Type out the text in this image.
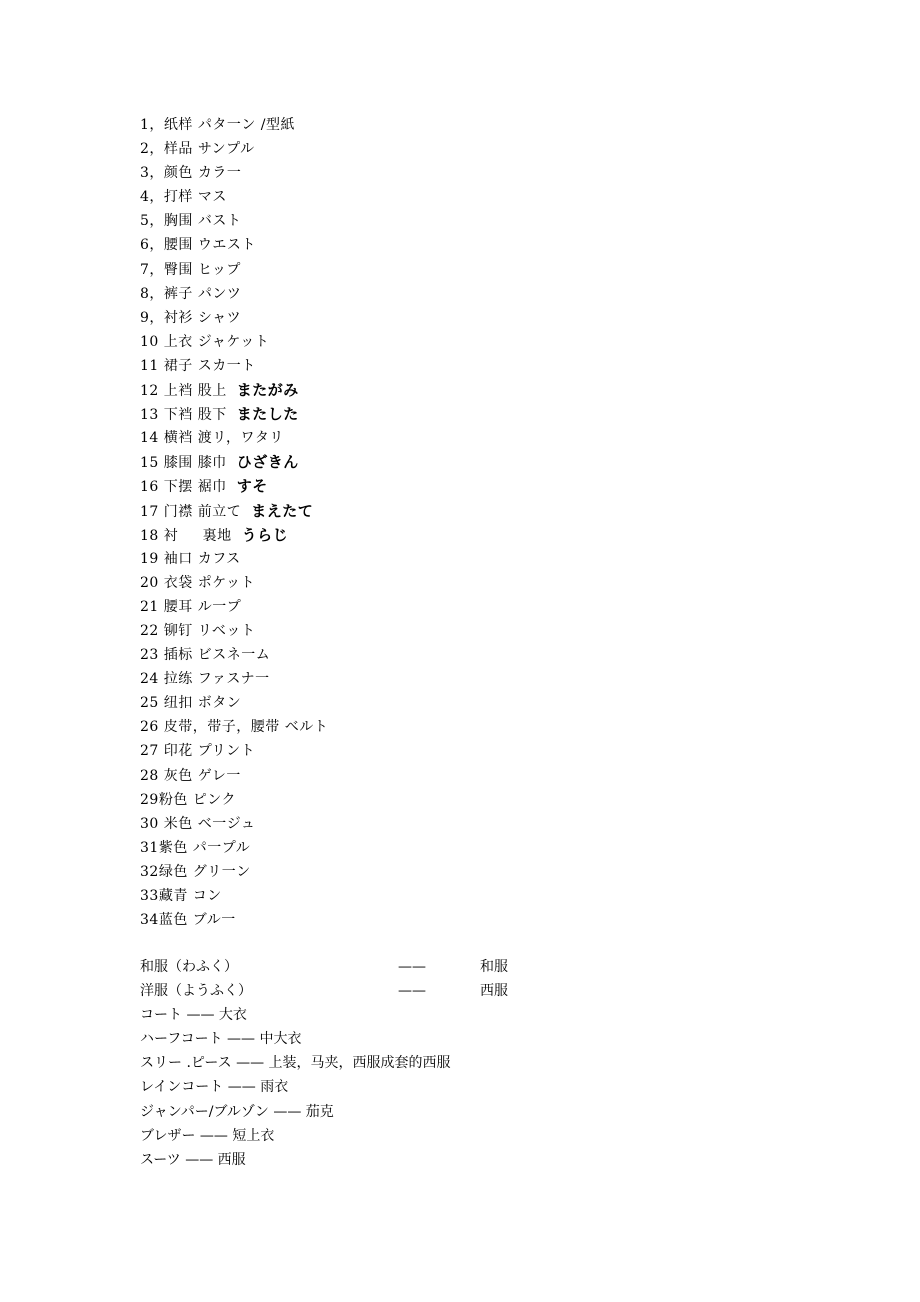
1，纸样 パタ一ン /型紙
2，样品 サンプル
3，颜色 カラ一
4，打样 マス
5，胸围 バスト
6，腰围 ウエスト
7，臀围 ヒップ
8，裤子 パンツ
9，衬衫 シャツ
10 上衣 ジャケット
11 裙子 スカ一ト
12 上裆 股上 またがみ
13 下裆 股下 またした
14 横裆 渡リ，ワタリ
15 膝围 膝巾 ひざきん
16 下摆 裾巾 すそ
17 门襟 前立て まえたて
18 衬 　 裏地 うらじ
19 袖口 カフス
20 衣袋 ポケット
21 腰耳 ル一プ
22 铆钉 リベット
23 插标 ビスネ一ム
24 拉练 ファスナ一
25 纽扣 ボタン
26 皮带，带子，腰带 ベルト
27 印花 プリント
28 灰色 ゲレ一
29粉色 ピンク
30 米色 ベ一ジュ
31紫色 パ一プル
32绿色 グリ一ン
33藏青 コン
34蓝色 ブル一
和服（わふく）	——	和服
洋服（ようふく）	——	西服
コート —— 大衣
ハーフコート —— 中大衣
スリー .ピース —— 上装，马夹，西服成套的西服
レインコート —— 雨衣
ジャンパー/ブルゾン —— 茄克
ブレザー —— 短上衣
スーツ —— 西服
